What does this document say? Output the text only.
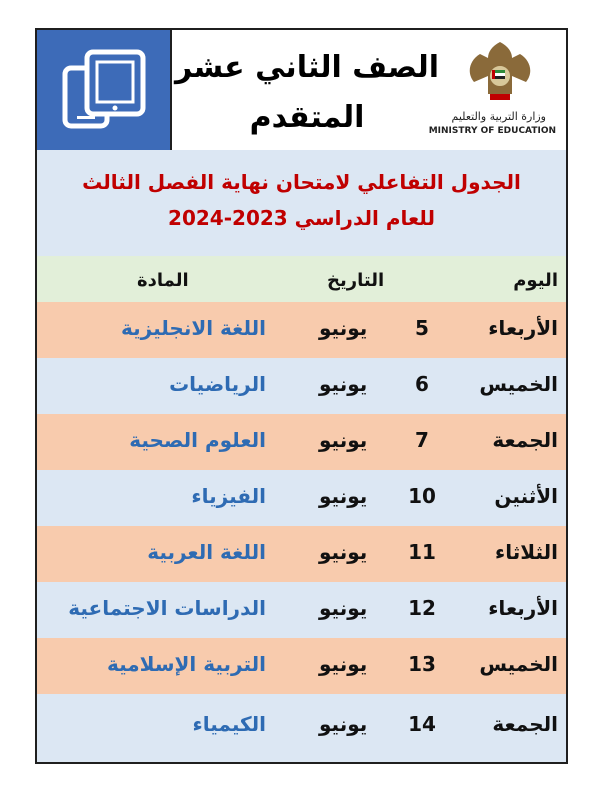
الصف الثاني عشر
المتقدم	وزارة التربية والتعليم
MINISTRY OF EDUCATION
الجدول التفاعلي لامتحان نهاية الفصل الثالث
للعام الدراسي 2023-2024
اليوم
التاريخ
المادة
الأربعاء
5
يونيو
اللغة الانجليزية
الخميس
6
يونيو
الرياضيات
الجمعة
7
يونيو
العلوم الصحية
الأثنين
10
يونيو
الفيزياء
الثلاثاء
11
يونيو
اللغة العربية
الأربعاء
12
يونيو
الدراسات الاجتماعية
الخميس
13
يونيو
التربية الإسلامية
الجمعة
14
يونيو
الكيمياء
